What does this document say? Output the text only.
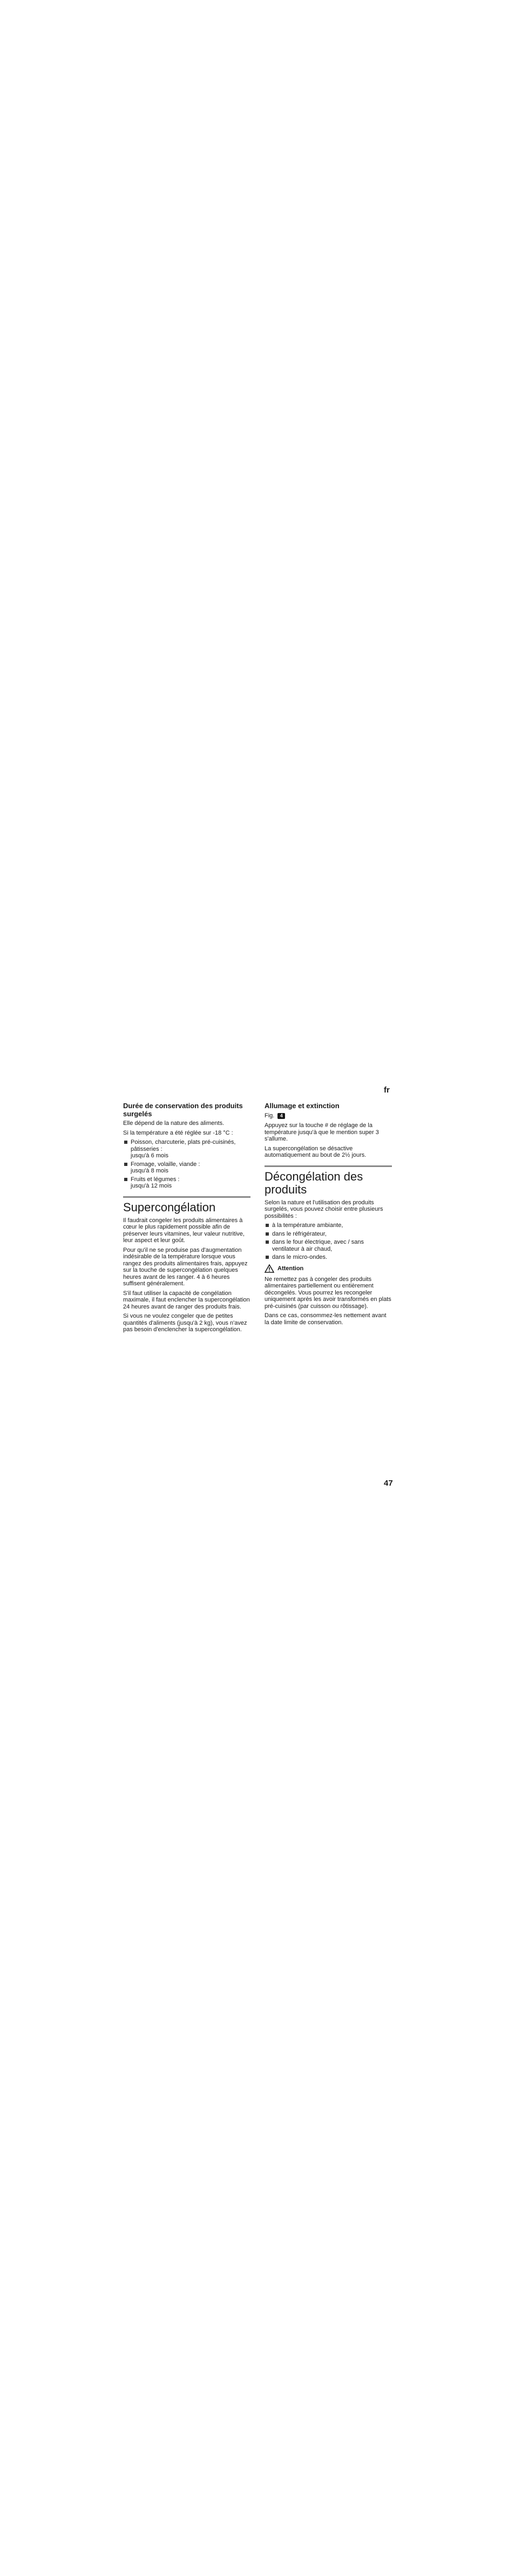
fr
Durée de conservation des produits surgelés
Elle dépend de la nature des aliments.
Si la température a été réglée sur -18 °C :
Poisson, charcuterie, plats pré-cuisinés, pâtisseries :
jusqu'à 6 mois
Fromage, volaille, viande :
jusqu'à 8 mois
Fruits et légumes :
jusqu'à 12 mois
Supercongélation
Il faudrait congeler les produits alimentaires à cœur le plus rapidement possible afin de préserver leurs vitamines, leur valeur nutritive, leur aspect et leur goût.
Pour qu'il ne se produise pas d'augmentation indésirable de la température lorsque vous rangez des produits alimentaires frais, appuyez sur la touche de supercongélation quelques heures avant de les ranger. 4 à 6 heures suffisent généralement.
S'il faut utiliser la capacité de congélation maximale, il faut enclencher la supercongélation 24 heures avant de ranger des produits frais.
Si vous ne voulez congeler que de petites quantités d'aliments (jusqu'à 2 kg), vous n'avez pas besoin d'enclencher la supercongélation.
Allumage et extinction
Fig. 4
Appuyez sur la touche # de réglage de la température jusqu'à que le mention super 3 s'allume.
La supercongélation se désactive automatiquement au bout de 2½ jours.
Décongélation des produits
Selon la nature et l'utilisation des produits surgelés, vous pouvez choisir entre plusieurs possibilités :
à la température ambiante,
dans le réfrigérateur,
dans le four électrique, avec / sans ventilateur à air chaud,
dans le micro-ondes.
Attention
Ne remettez pas à congeler des produits alimentaires partiellement ou entièrement décongelés. Vous pourrez les recongeler uniquement après les avoir transformés en plats pré-cuisinés (par cuisson ou rôtissage).
Dans ce cas, consommez-les nettement avant la date limite de conservation.
47
